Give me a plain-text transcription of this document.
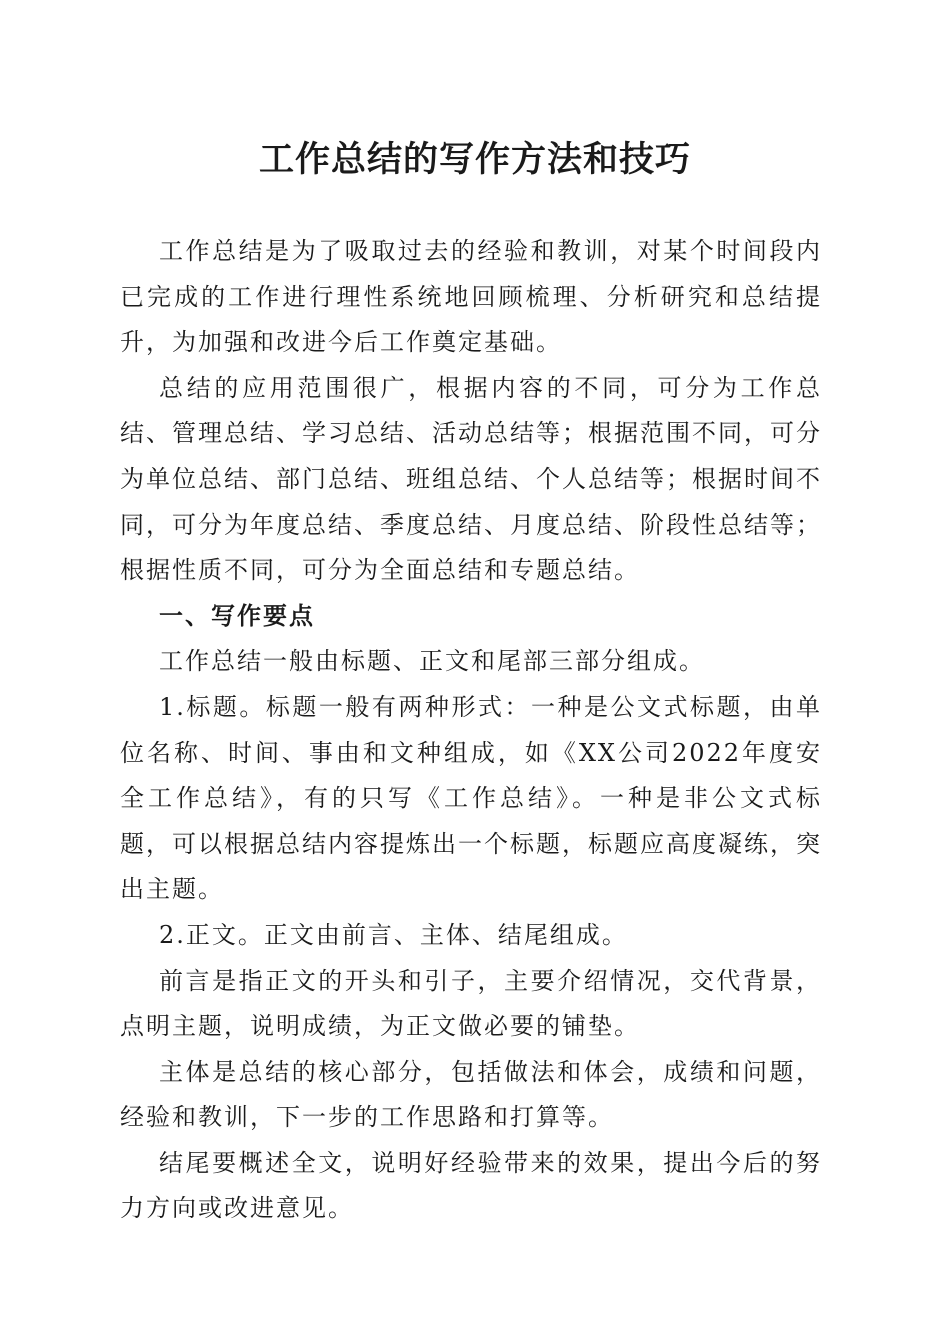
工作总结的写作方法和技巧

工作总结是为了吸取过去的经验和教训，对某个时间段内已完成的工作进行理性系统地回顾梳理、分析研究和总结提升，为加强和改进今后工作奠定基础。

总结的应用范围很广，根据内容的不同，可分为工作总结、管理总结、学习总结、活动总结等；根据范围不同，可分为单位总结、部门总结、班组总结、个人总结等；根据时间不同，可分为年度总结、季度总结、月度总结、阶段性总结等；根据性质不同，可分为全面总结和专题总结。

一、写作要点

工作总结一般由标题、正文和尾部三部分组成。

1.标题。标题一般有两种形式：一种是公文式标题，由单位名称、时间、事由和文种组成，如《XX公司2022年度安全工作总结》，有的只写《工作总结》。一种是非公文式标题，可以根据总结内容提炼出一个标题，标题应高度凝练，突出主题。

2.正文。正文由前言、主体、结尾组成。

前言是指正文的开头和引子，主要介绍情况，交代背景，点明主题，说明成绩，为正文做必要的铺垫。

主体是总结的核心部分，包括做法和体会，成绩和问题，经验和教训，下一步的工作思路和打算等。

结尾要概述全文，说明好经验带来的效果，提出今后的努力方向或改进意见。
